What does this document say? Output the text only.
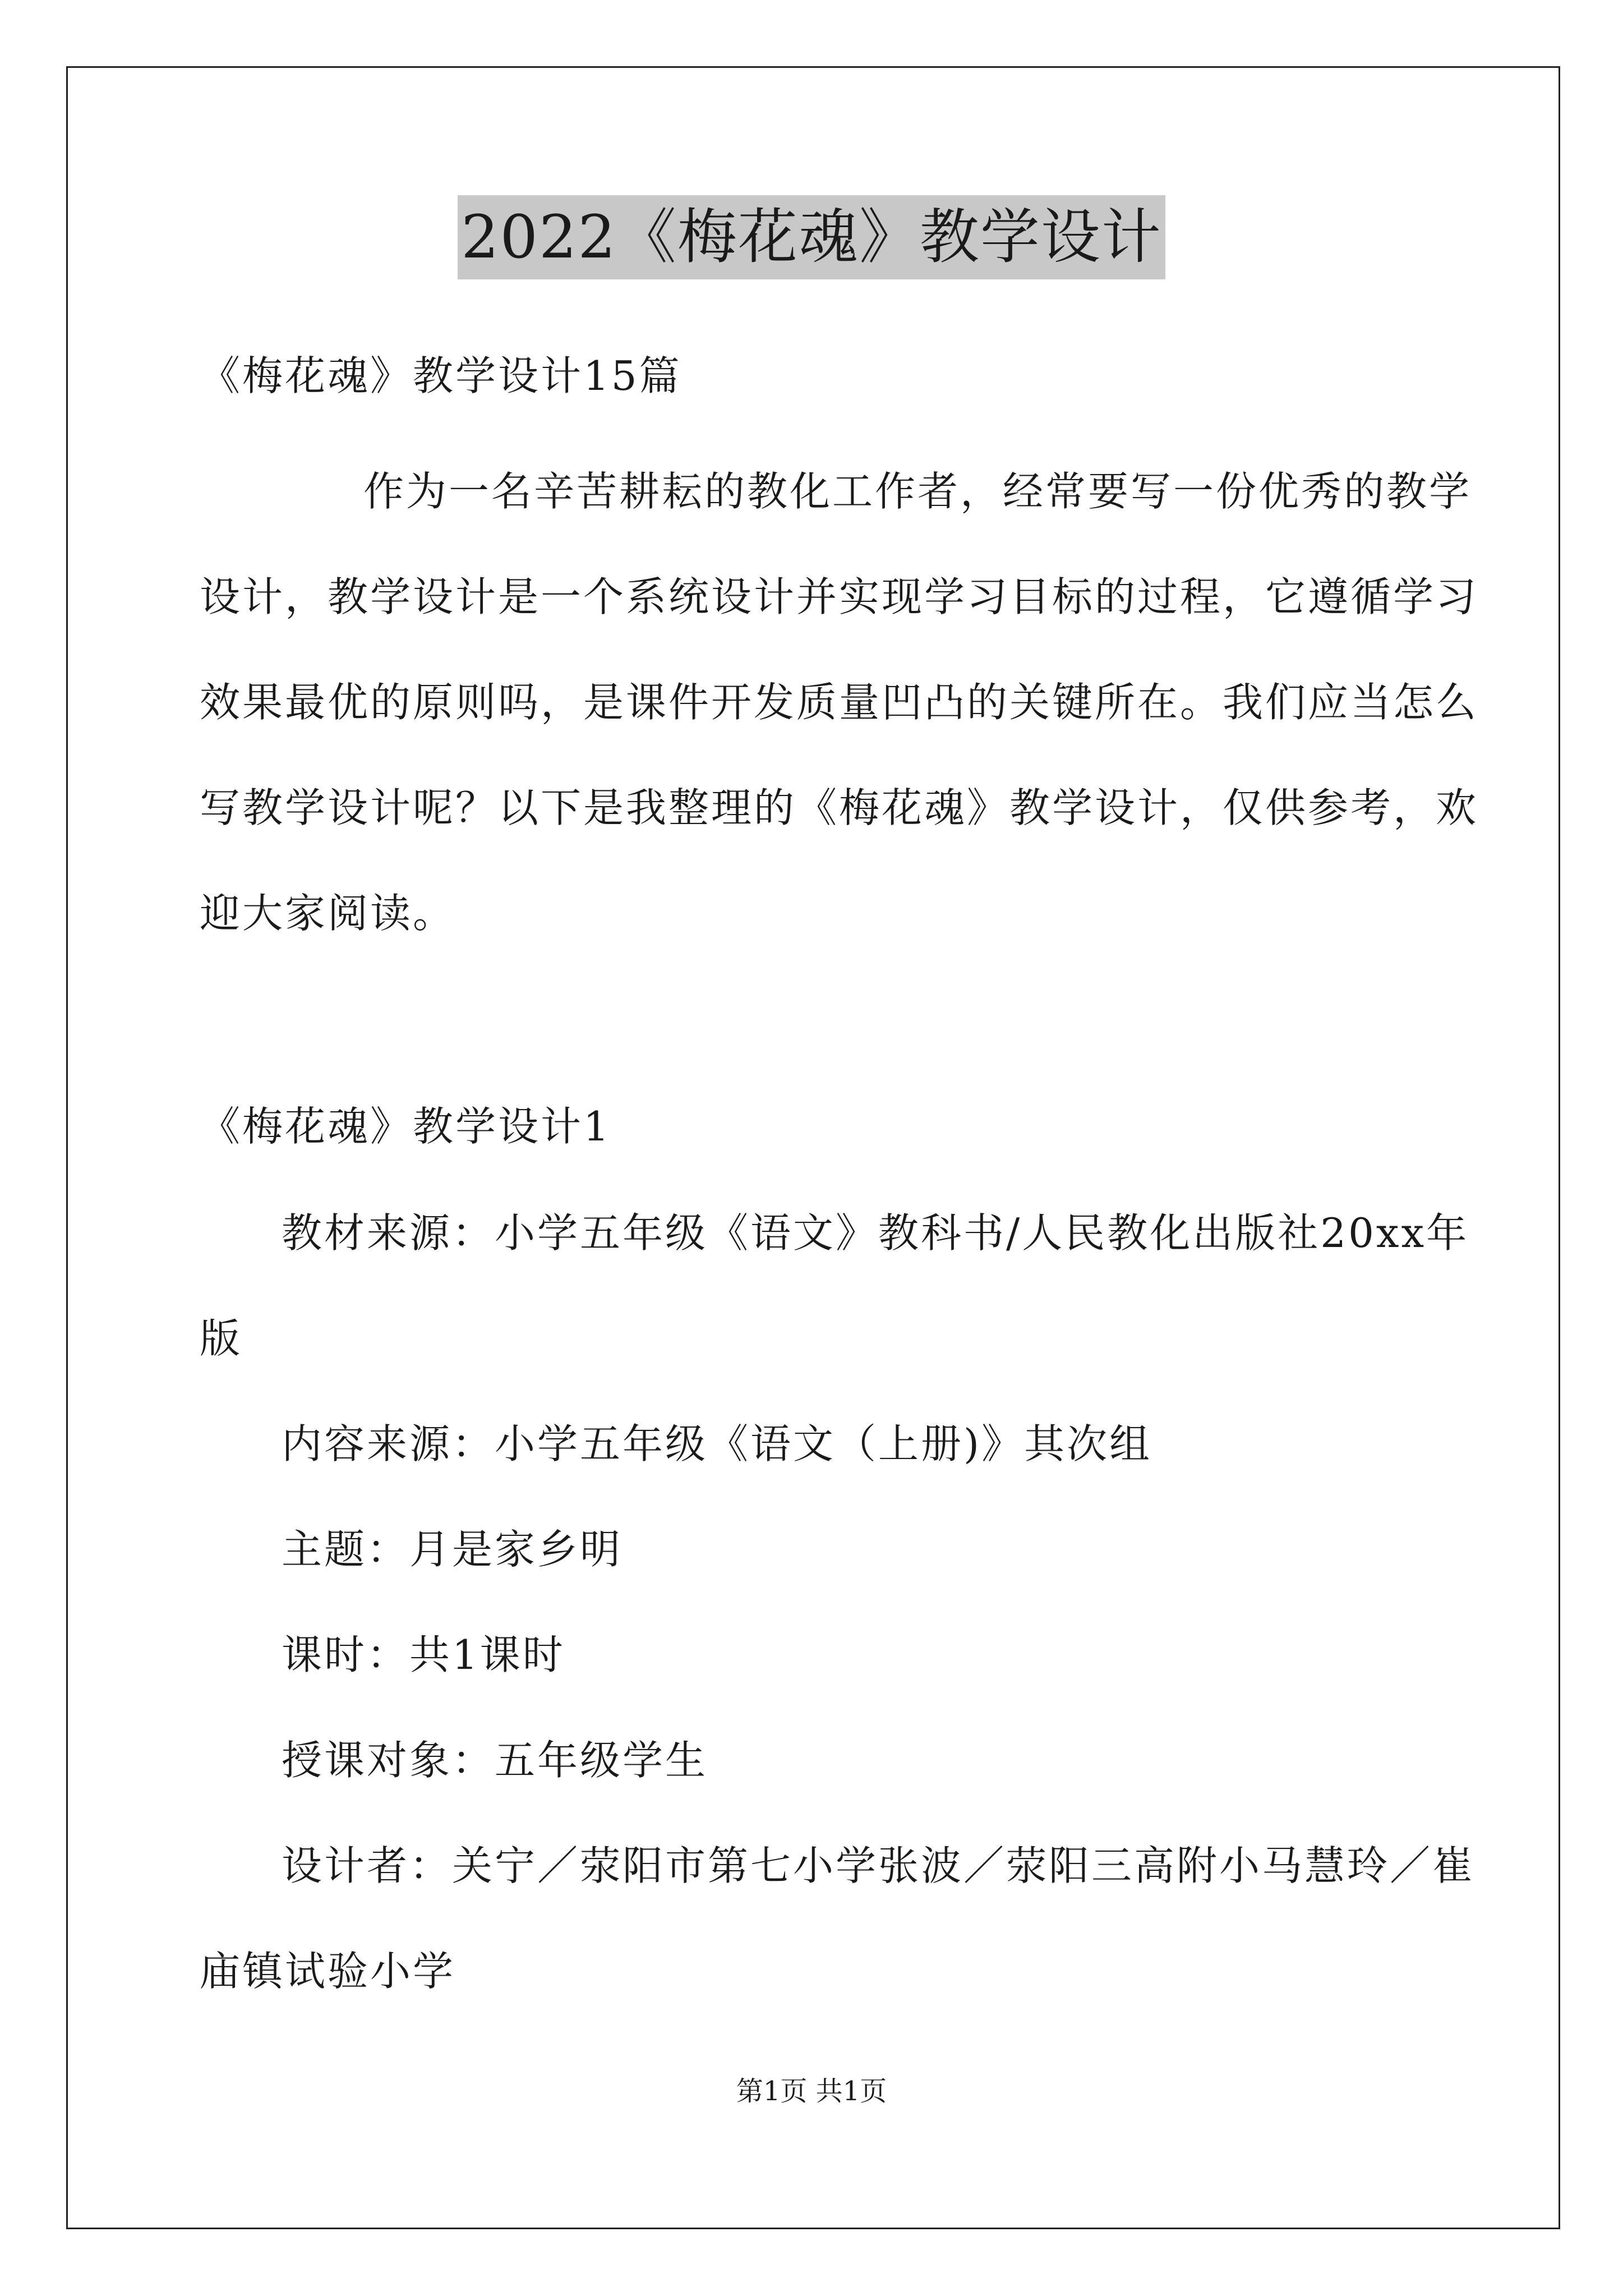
2022《梅花魂》教学设计
《梅花魂》教学设计15篇
作为一名辛苦耕耘的教化工作者，经常要写一份优秀的教学
设计，教学设计是一个系统设计并实现学习目标的过程，它遵循学习
效果最优的原则吗，是课件开发质量凹凸的关键所在。我们应当怎么
写教学设计呢？以下是我整理的《梅花魂》教学设计，仅供参考，欢
迎大家阅读。
《梅花魂》教学设计1
教材来源：小学五年级《语文》教科书/人民教化出版社20xx年
版
内容来源：小学五年级《语文（上册)》其次组
主题：月是家乡明
课时：共1课时
授课对象：五年级学生
设计者：关宁／荥阳市第七小学张波／荥阳三高附小马慧玲／崔
庙镇试验小学
第1页 共1页
